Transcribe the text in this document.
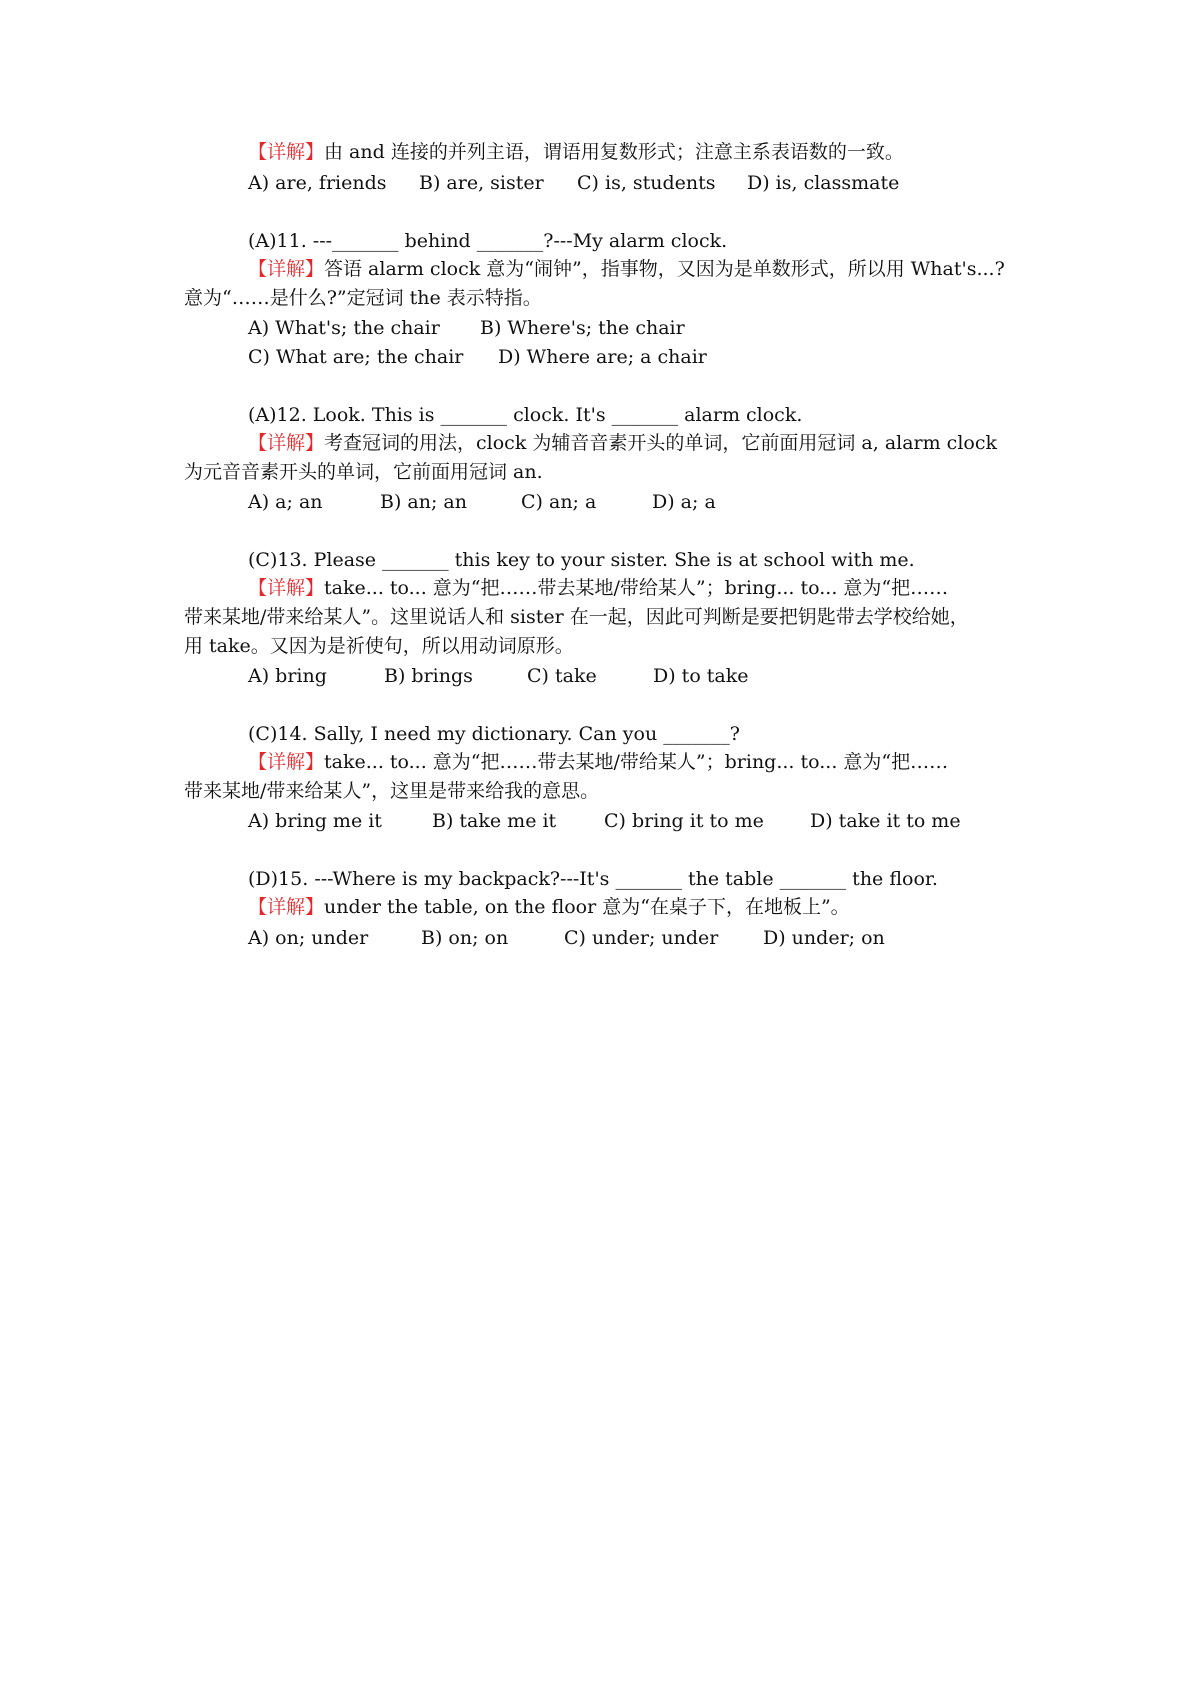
【详解】由 and 连接的并列主语，谓语用复数形式；注意主系表语数的一致。
A) are, friends B) are, sister C) is, students D) is, classmate
(A)11. ---_______ behind _______?---My alarm clock.
【详解】答语 alarm clock 意为“闹钟”，指事物，又因为是单数形式，所以用 What's...?
意为“……是什么?”定冠词 the 表示特指。
A) What's; the chair B) Where's; the chair
C) What are; the chair D) Where are; a chair
(A)12. Look. This is _______ clock. It's _______ alarm clock.
【详解】考查冠词的用法，clock 为辅音音素开头的单词，它前面用冠词 a, alarm clock
为元音音素开头的单词，它前面用冠词 an.
A) a; an	B) an; an	C) an; a	D) a; a
(C)13. Please _______ this key to your sister. She is at school with me.
【详解】take... to... 意为“把……带去某地/带给某人”；bring... to... 意为“把……
带来某地/带来给某人”。这里说话人和 sister 在一起，因此可判断是要把钥匙带去学校给她，
用 take。又因为是祈使句，所以用动词原形。
A) bring	B) brings	C) take	D) to take
(C)14. Sally, I need my dictionary. Can you _______?
【详解】take... to... 意为“把……带去某地/带给某人”；bring... to... 意为“把……
带来某地/带来给某人”，这里是带来给我的意思。
A) bring me it	B) take me it	C) bring it to me D) take it to me
(D)15. ---Where is my backpack?---It's _______ the table _______ the floor.
【详解】under the table, on the floor 意为“在桌子下，在地板上”。
A) on; under	B) on; on	C) under; under D) under; on
